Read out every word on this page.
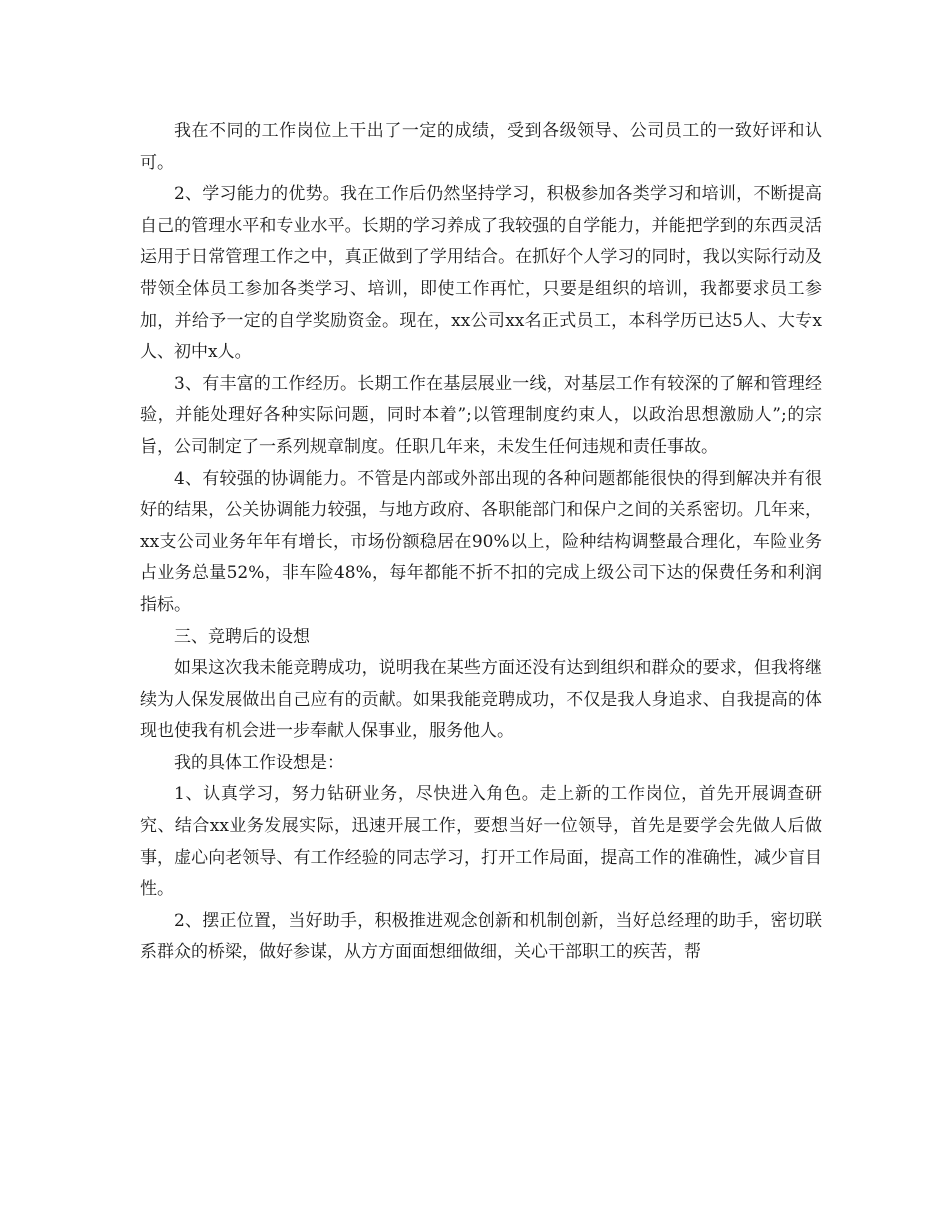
我在不同的工作岗位上干出了一定的成绩，受到各级领导、公司员工的一致好评和认可。

2、学习能力的优势。我在工作后仍然坚持学习，积极参加各类学习和培训，不断提高自己的管理水平和专业水平。长期的学习养成了我较强的自学能力，并能把学到的东西灵活运用于日常管理工作之中，真正做到了学用结合。在抓好个人学习的同时，我以实际行动及带领全体员工参加各类学习、培训，即使工作再忙，只要是组织的培训，我都要求员工参加，并给予一定的自学奖励资金。现在，xx公司xx名正式员工，本科学历已达5人、大专x人、初中x人。

3、有丰富的工作经历。长期工作在基层展业一线，对基层工作有较深的了解和管理经验，并能处理好各种实际问题，同时本着”;以管理制度约束人，以政治思想激励人”;的宗旨，公司制定了一系列规章制度。任职几年来，未发生任何违规和责任事故。

4、有较强的协调能力。不管是内部或外部出现的各种问题都能很快的得到解决并有很好的结果，公关协调能力较强，与地方政府、各职能部门和保户之间的关系密切。几年来，xx支公司业务年年有增长，市场份额稳居在90%以上，险种结构调整最合理化，车险业务占业务总量52%，非车险48%，每年都能不折不扣的完成上级公司下达的保费任务和利润指标。

三、竞聘后的设想

如果这次我未能竞聘成功，说明我在某些方面还没有达到组织和群众的要求，但我将继续为人保发展做出自己应有的贡献。如果我能竞聘成功，不仅是我人身追求、自我提高的体现也使我有机会进一步奉献人保事业，服务他人。

我的具体工作设想是：

1、认真学习，努力钻研业务，尽快进入角色。走上新的工作岗位，首先开展调查研究、结合xx业务发展实际，迅速开展工作，要想当好一位领导，首先是要学会先做人后做事，虚心向老领导、有工作经验的同志学习，打开工作局面，提高工作的准确性，减少盲目性。

2、摆正位置，当好助手，积极推进观念创新和机制创新，当好总经理的助手，密切联系群众的桥梁，做好参谋，从方方面面想细做细，关心干部职工的疾苦，帮
